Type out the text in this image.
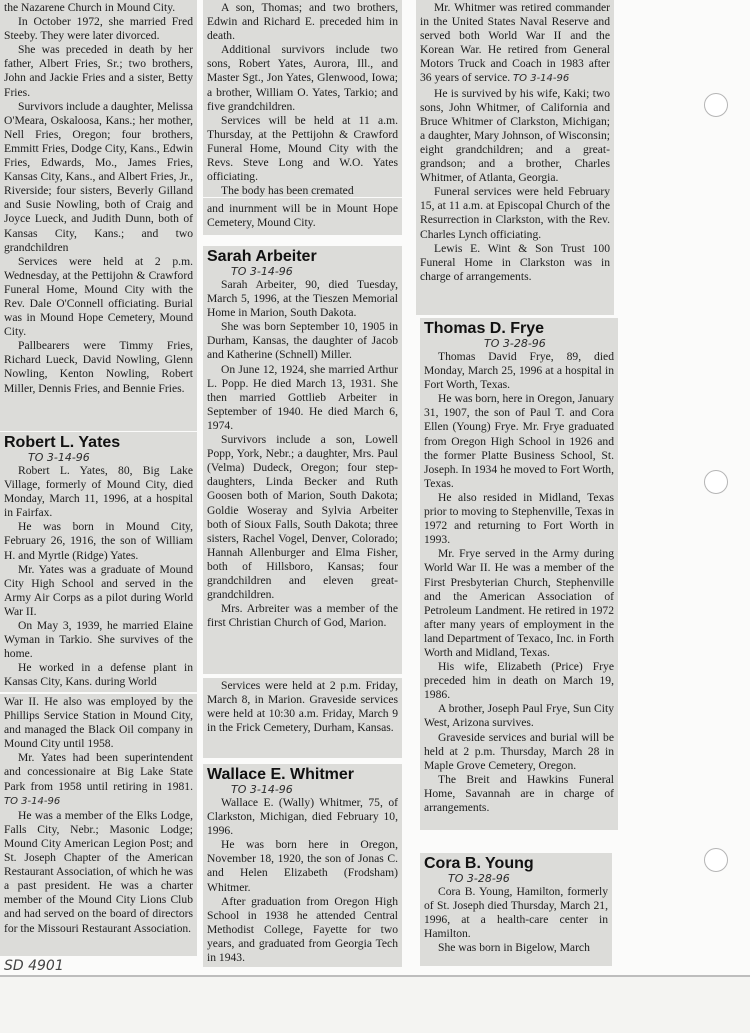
the Nazarene Church in Mound City.

In October 1972, she married Fred Steeby. They were later divorced.

She was preceded in death by her father, Albert Fries, Sr.; two brothers, John and Jackie Fries and a sister, Betty Fries.

Survivors include a daughter, Melissa O'Meara, Oskaloosa, Kans.; her mother, Nell Fries, Oregon; four brothers, Emmitt Fries, Dodge City, Kans., Edwin Fries, Edwards, Mo., James Fries, Kansas City, Kans., and Albert Fries, Jr., Riverside; four sisters, Beverly Gilland and Susie Nowling, both of Craig and Joyce Lueck, and Judith Dunn, both of Kansas City, Kans.; and two grandchildren

Services were held at 2 p.m. Wednesday, at the Pettijohn & Crawford Funeral Home, Mound City with the Rev. Dale O'Connell officiating. Burial was in Mound Hope Cemetery, Mound City.

Pallbearers were Timmy Fries, Richard Lueck, David Nowling, Glenn Nowling, Kenton Nowling, Robert Miller, Dennis Fries, and Bennie Fries.

Robert L. Yates
TO 3-14-96

Robert L. Yates, 80, Big Lake Village, formerly of Mound City, died Monday, March 11, 1996, at a hospital in Fairfax.

He was born in Mound City, February 26, 1916, the son of William H. and Myrtle (Ridge) Yates.

Mr. Yates was a graduate of Mound City High School and served in the Army Air Corps as a pilot during World War II.

On May 3, 1939, he married Elaine Wyman in Tarkio. She survives of the home.

He worked in a defense plant in Kansas City, Kans. during World

War II. He also was employed by the Phillips Service Station in Mound City, and managed the Black Oil company in Mound City until 1958.

Mr. Yates had been superintendent and concessionaire at Big Lake State Park from 1958 until retiring in 1981. TO 3-14-96

He was a member of the Elks Lodge, Falls City, Nebr.; Masonic Lodge; Mound City American Legion Post; and St. Joseph Chapter of the American Restaurant Association, of which he was a past president. He was a charter member of the Mound City Lions Club and had served on the board of directors for the Missouri Restaurant Association.

A son, Thomas; and two brothers, Edwin and Richard E. preceded him in death.

Additional survivors include two sons, Robert Yates, Aurora, Ill., and Master Sgt., Jon Yates, Glenwood, Iowa; a brother, William O. Yates, Tarkio; and five grandchildren.

Services will be held at 11 a.m. Thursday, at the Pettijohn & Crawford Funeral Home, Mound City with the Revs. Steve Long and W.O. Yates officiating.

The body has been cremated

and inurnment will be in Mount Hope Cemetery, Mound City.

Sarah Arbeiter
TO 3-14-96

Sarah Arbeiter, 90, died Tuesday, March 5, 1996, at the Tieszen Memorial Home in Marion, South Dakota.

She was born September 10, 1905 in Durham, Kansas, the daughter of Jacob and Katherine (Schnell) Miller.

On June 12, 1924, she married Arthur L. Popp. He died March 13, 1931. She then married Gottlieb Arbeiter in September of 1940. He died March 6, 1974.

Survivors include a son, Lowell Popp, York, Nebr.; a daughter, Mrs. Paul (Velma) Dudeck, Oregon; four step-daughters, Linda Becker and Ruth Goosen both of Marion, South Dakota; Goldie Woseray and Sylvia Arbeiter both of Sioux Falls, South Dakota; three sisters, Rachel Vogel, Denver, Colorado; Hannah Allenburger and Elma Fisher, both of Hillsboro, Kansas; four grandchildren and eleven great-grandchildren.

Mrs. Arbreiter was a member of the first Christian Church of God, Marion.

Services were held at 2 p.m. Friday, March 8, in Marion. Graveside services were held at 10:30 a.m. Friday, March 9 in the Frick Cemetery, Durham, Kansas.

Wallace E. Whitmer
TO 3-14-96

Wallace E. (Wally) Whitmer, 75, of Clarkston, Michigan, died February 10, 1996.

He was born here in Oregon, November 18, 1920, the son of Jonas C. and Helen Elizabeth (Frodsham) Whitmer.

After graduation from Oregon High School in 1938 he attended Central Methodist College, Fayette for two years, and graduated from Georgia Tech in 1943.

Mr. Whitmer was retired commander in the United States Naval Reserve and served both World War II and the Korean War. He retired from General Motors Truck and Coach in 1983 after 36 years of service. TO 3-14-96

He is survived by his wife, Kaki; two sons, John Whitmer, of California and Bruce Whitmer of Clarkston, Michigan; a daughter, Mary Johnson, of Wisconsin; eight grandchildren; and a great-grandson; and a brother, Charles Whitmer, of Atlanta, Georgia.

Funeral services were held February 15, at 11 a.m. at Episcopal Church of the Resurrection in Clarkston, with the Rev. Charles Lynch officiating.

Lewis E. Wint & Son Trust 100 Funeral Home in Clarkston was in charge of arrangements.

Thomas D. Frye
TO 3-28-96

Thomas David Frye, 89, died Monday, March 25, 1996 at a hospital in Fort Worth, Texas.

He was born, here in Oregon, January 31, 1907, the son of Paul T. and Cora Ellen (Young) Frye. Mr. Frye graduated from Oregon High School in 1926 and the former Platte Business School, St. Joseph. In 1934 he moved to Fort Worth, Texas.

He also resided in Midland, Texas prior to moving to Stephenville, Texas in 1972 and returning to Fort Worth in 1993.

Mr. Frye served in the Army during World War II. He was a member of the First Presbyterian Church, Stephenville and the American Association of Petroleum Landment. He retired in 1972 after many years of employment in the land Department of Texaco, Inc. in Forth Worth and Midland, Texas.

His wife, Elizabeth (Price) Frye preceded him in death on March 19, 1986.

A brother, Joseph Paul Frye, Sun City West, Arizona survives.

Graveside services and burial will be held at 2 p.m. Thursday, March 28 in Maple Grove Cemetery, Oregon.

The Breit and Hawkins Funeral Home, Savannah are in charge of arrangements.

Cora B. Young
TO 3-28-96

Cora B. Young, Hamilton, formerly of St. Joseph died Thursday, March 21, 1996, at a health-care center in Hamilton.

She was born in Bigelow, March

SD 4901
